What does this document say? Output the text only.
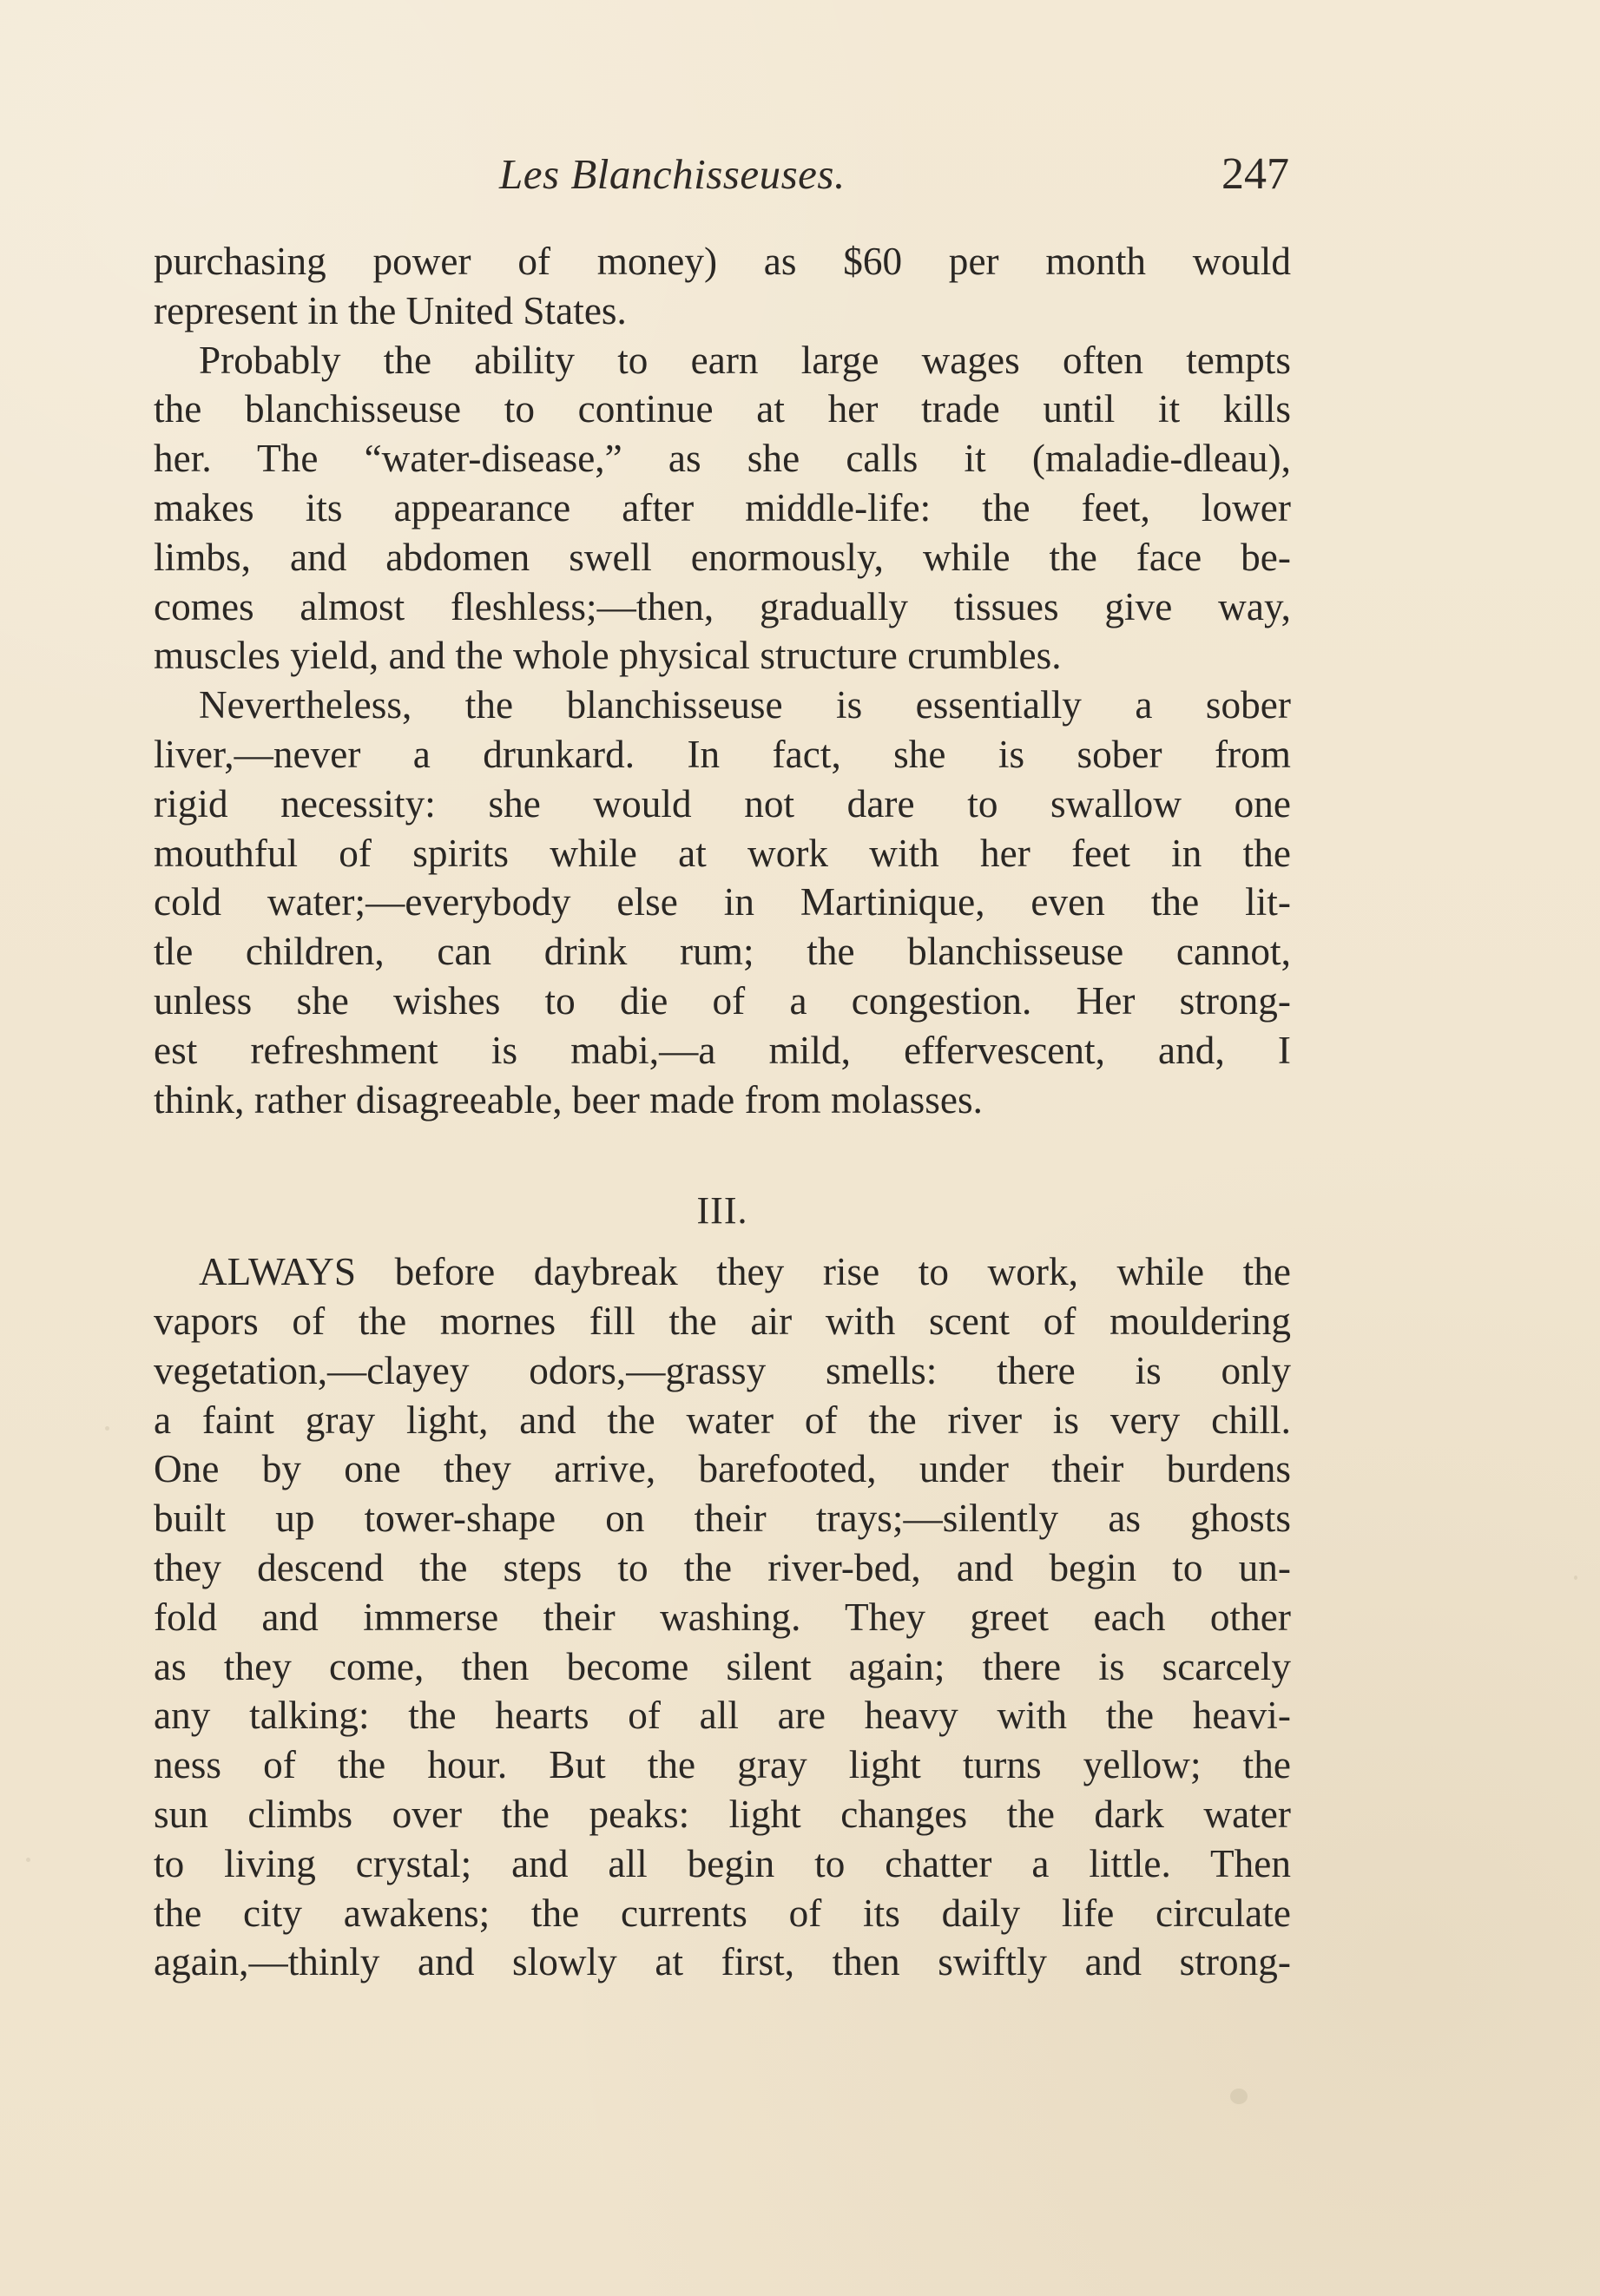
Les Blanchisseuses.	247
purchasing power of money) as $60 per month would
represent in the United States.
Probably the ability to earn large wages often tempts
the blanchisseuse to continue at her trade until it kills
her. The “water-disease,” as she calls it (maladie-dleau),
makes its appearance after middle-life: the feet, lower
limbs, and abdomen swell enormously, while the face be-
comes almost fleshless;—then, gradually tissues give way,
muscles yield, and the whole physical structure crumbles.
Nevertheless, the blanchisseuse is essentially a sober
liver,—never a drunkard. In fact, she is sober from
rigid necessity: she would not dare to swallow one
mouthful of spirits while at work with her feet in the
cold water;—everybody else in Martinique, even the lit-
tle children, can drink rum; the blanchisseuse cannot,
unless she wishes to die of a congestion. Her strong-
est refreshment is mabi,—a mild, effervescent, and, I
think, rather disagreeable, beer made from molasses.
III.
ALWAYS before daybreak they rise to work, while the
vapors of the mornes fill the air with scent of mouldering
vegetation,—clayey odors,—grassy smells: there is only
a faint gray light, and the water of the river is very chill.
One by one they arrive, barefooted, under their burdens
built up tower-shape on their trays;—silently as ghosts
they descend the steps to the river-bed, and begin to un-
fold and immerse their washing. They greet each other
as they come, then become silent again; there is scarcely
any talking: the hearts of all are heavy with the heavi-
ness of the hour. But the gray light turns yellow; the
sun climbs over the peaks: light changes the dark water
to living crystal; and all begin to chatter a little. Then
the city awakens; the currents of its daily life circulate
again,—thinly and slowly at first, then swiftly and strong-
